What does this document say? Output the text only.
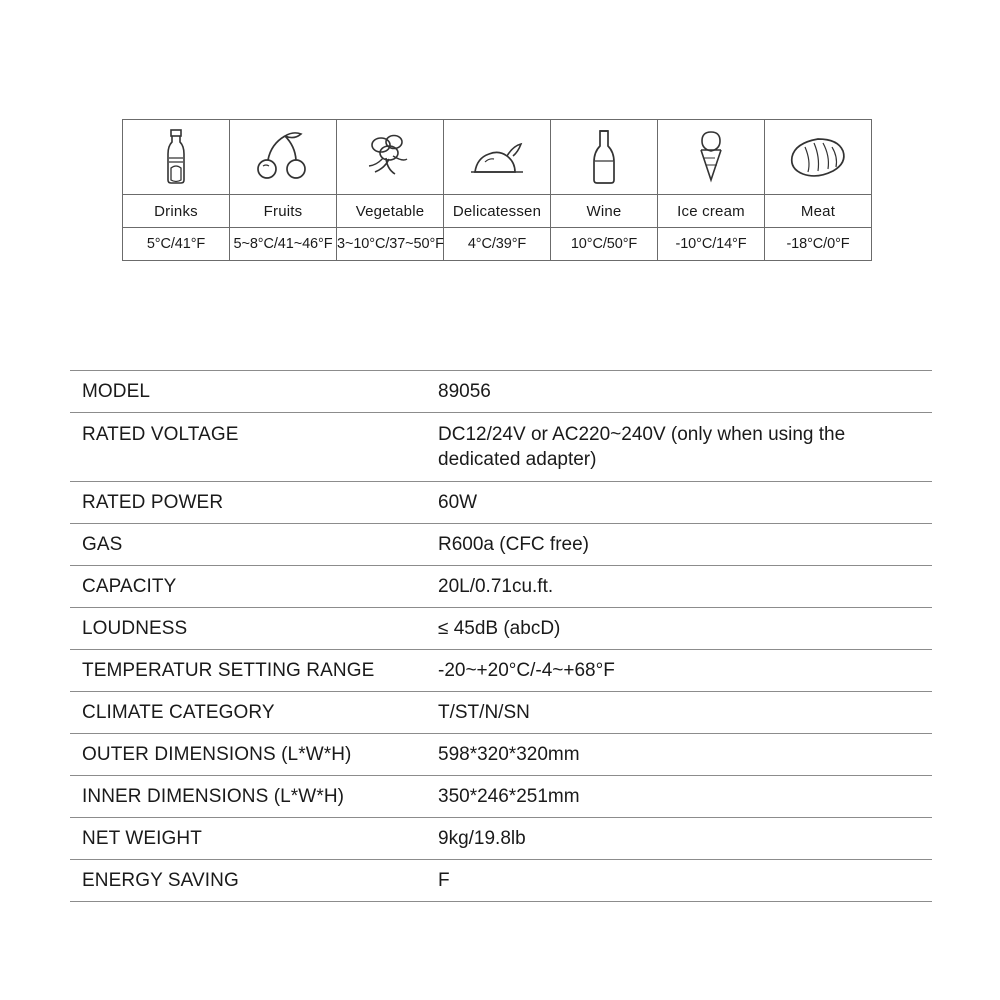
Drinks	Fruits	Vegetable	Delicatessen	Wine	Ice cream	Meat
5°C/41°F	5~8°C/41~46°F	3~10°C/37~50°F	4°C/39°F	10°C/50°F	-10°C/14°F	-18°C/0°F
MODEL	89056
RATED VOLTAGE	DC12/24V or AC220~240V (only when using the dedicated adapter)
RATED POWER	60W
GAS	R600a (CFC free)
CAPACITY	20L/0.71cu.ft.
LOUDNESS	≤ 45dB (abcD)
TEMPERATUR SETTING RANGE	-20~+20°C/-4~+68°F
CLIMATE CATEGORY	T/ST/N/SN
OUTER DIMENSIONS (L*W*H)	598*320*320mm
INNER DIMENSIONS (L*W*H)	350*246*251mm
NET WEIGHT	9kg/19.8lb
ENERGY SAVING	F
